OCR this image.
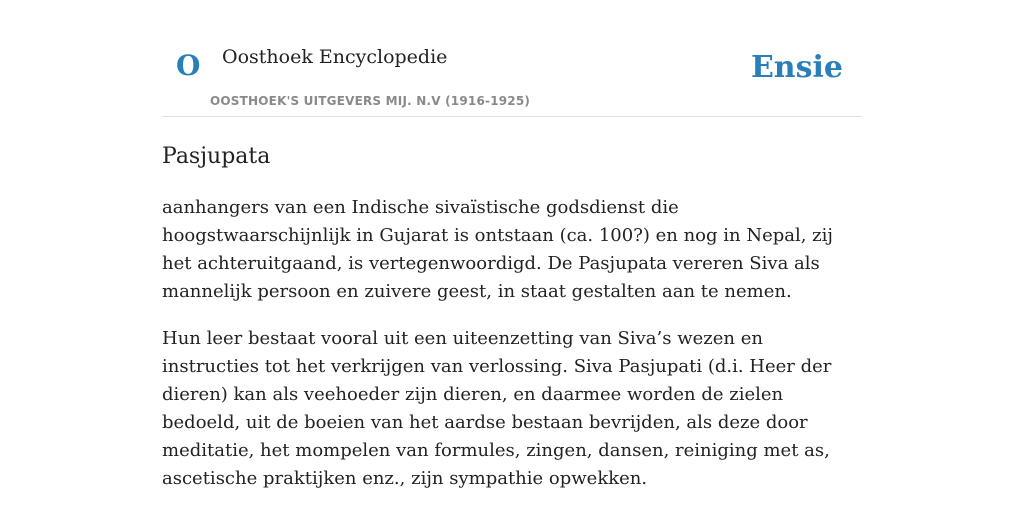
O Oosthoek Encyclopedie
OOSTHOEK'S UITGEVERS MIJ. N.V (1916-1925)
Ensie
Pasjupata

aanhangers van een Indische sivaïstische godsdienst die hoogstwaarschijnlijk in Gujarat is ontstaan (ca. 100?) en nog in Nepal, zij het achteruitgaand, is vertegenwoordigd. De Pasjupata vereren Siva als mannelijk persoon en zuivere geest, in staat gestalten aan te nemen.

Hun leer bestaat vooral uit een uiteenzetting van Siva’s wezen en instructies tot het verkrijgen van verlossing. Siva Pasjupati (d.i. Heer der dieren) kan als veehoeder zijn dieren, en daarmee worden de zielen bedoeld, uit de boeien van het aardse bestaan bevrijden, als deze door meditatie, het mompelen van formules, zingen, dansen, reiniging met as, ascetische praktijken enz., zijn sympathie opwekken.
